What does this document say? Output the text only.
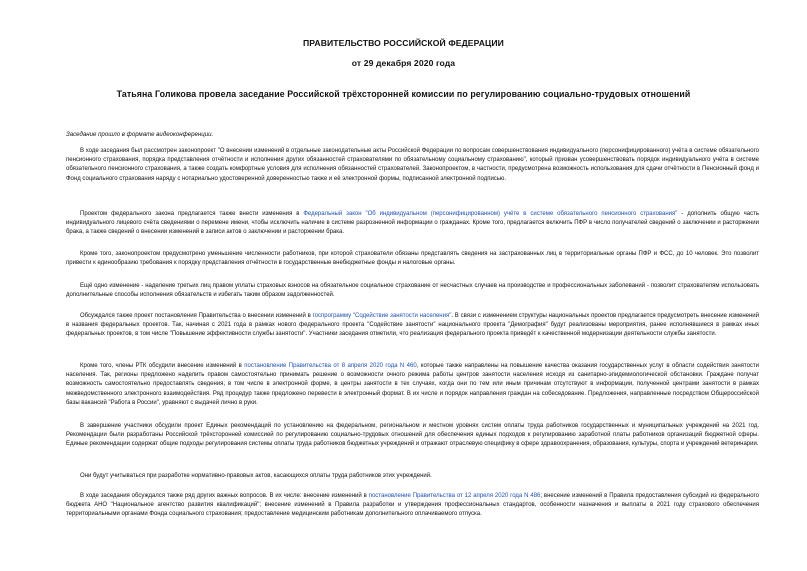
ПРАВИТЕЛЬСТВО РОССИЙСКОЙ ФЕДЕРАЦИИ
от 29 декабря 2020 года
Татьяна Голикова провела заседание Российской трёхсторонней комиссии по регулированию социально-трудовых отношений
Заседание прошло в формате видеоконференции.
В ходе заседания был рассмотрен законопроект "О внесении изменений в отдельные законодательные акты Российской Федерации по вопросам совершенствования индивидуального (персонифицированного) учёта в системе обязательного пенсионного страхования, порядка представления отчётности и исполнения других обязанностей страхователями по обязательному социальному страхованию", который призван усовершенствовать порядок индивидуального учёта в системе обязательного пенсионного страхования, а также создать комфортные условия для исполнения обязанностей страхователей. Законопроектом, в частности, предусмотрена возможность использования для сдачи отчётности в Пенсионный фонд и Фонд социального страхования наряду с нотариально удостоверенной доверенностью также и её электронной формы, подписанной электронной подписью.
Проектом федерального закона предлагается также внести изменения в Федеральный закон "Об индивидуальном (персонифицированном) учёте в системе обязательного пенсионного страхования" - дополнить общую часть индивидуального лицевого счёта сведениями о перемене имени, чтобы исключить наличие в системе разрозненной информации о гражданах. Кроме того, предлагается включить ПФР в число получателей сведений о заключении и расторжении брака, а также сведений о внесении изменений в записи актов о заключении и расторжении брака.
Кроме того, законопроектом предусмотрено уменьшение численности работников, при которой страхователи обязаны представлять сведения на застрахованных лиц в территориальные органы ПФР и ФСС, до 10 человек. Это позволит привести к единообразию требования к порядку представления отчётности в государственные внебюджетные фонды и налоговые органы.
Ещё одно изменение - наделение третьих лиц правом уплаты страховых взносов на обязательное социальное страхование от несчастных случаев на производстве и профессиональных заболеваний - позволит страхователям использовать дополнительные способы исполнения обязательств и избегать таким образом задолженностей.
Обсуждался также проект постановления Правительства о внесении изменений в госпрограмму "Содействие занятости населения". В связи с изменением структуры национальных проектов предлагается предусмотреть внесение изменений в названия федеральных проектов. Так, начиная с 2021 года в рамках нового федерального проекта "Содействие занятости" национального проекта "Демография" будут реализованы мероприятия, ранее исполнявшиеся в рамках иных федеральных проектов, в том числе "Повышение эффективности службы занятости". Участники заседания отметили, что реализация федерального проекта приведёт к качественной модернизации деятельности службы занятости.
Кроме того, члены РТК обсудили внесение изменений в постановление Правительства от 8 апреля 2020 года N 460, которые также направлены на повышение качества оказания государственных услуг в области содействия занятости населения. Так, регионы предложено наделить правом самостоятельно принимать решение о возможности очного режима работы центров занятости населения исходя из санитарно-эпидемиологической обстановки. Граждане получат возможность самостоятельно предоставлять сведения, в том числе в электронной форме, в центры занятости в тех случаях, когда они по тем или иным причинам отсутствуют в информации, полученной центрами занятости в рамках межведомственного электронного взаимодействия. Ряд процедур также предложено перевести в электронный формат. В их числе и порядок направления граждан на собеседование. Предложения, направленные посредством Общероссийской базы вакансий "Работа в России", уравняют с выдачей лично в руки.
В завершение участники обсудили проект Единых рекомендаций по установлению на федеральном, региональном и местном уровнях систем оплаты труда работников государственных и муниципальных учреждений на 2021 год. Рекомендации были разработаны Российской трёхсторонней комиссией по регулированию социально-трудовых отношений для обеспечения единых подходов к регулированию заработной платы работников организаций бюджетной сферы. Единые рекомендации содержат общие подходы регулирования системы оплаты труда работников бюджетных учреждений и отражают отраслевую специфику в сфере здравоохранения, образования, культуры, спорта и учреждений ветеринарии.
Они будут учитываться при разработке нормативно-правовых актов, касающихся оплаты труда работников этих учреждений.
В ходе заседания обсуждался также ряд других важных вопросов. В их числе: внесение изменений в постановление Правительства от 12 апреля 2020 года N 486; внесение изменений в Правила предоставления субсидий из федерального бюджета АНО "Национальное агентство развития квалификаций"; внесение изменений в Правила разработки и утверждения профессиональных стандартов, особенности назначения и выплаты в 2021 году страхового обеспечения территориальными органами Фонда социального страхования; предоставление медицинским работникам дополнительного оплачиваемого отпуска.
